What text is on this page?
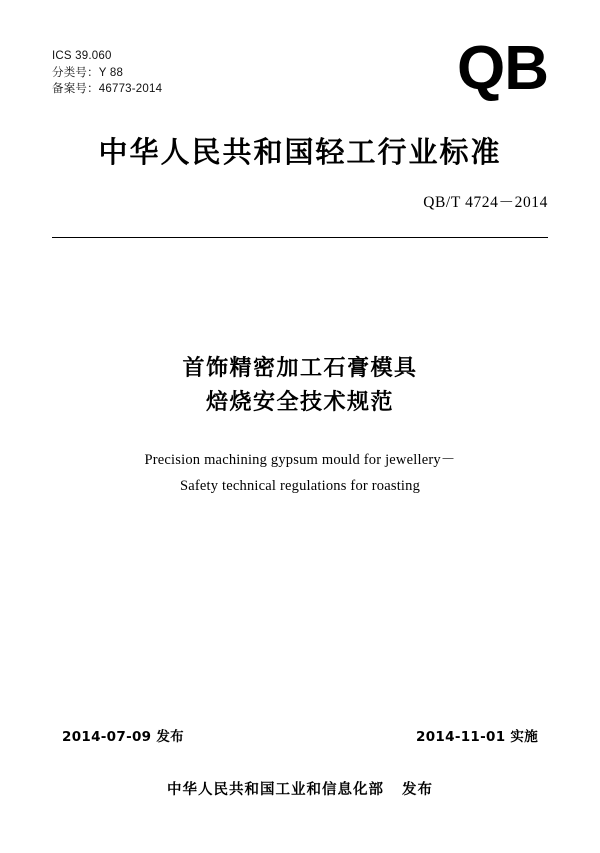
ICS 39.060
分类号：Y 88
备案号：46773-2014	QB
中华人民共和国轻工行业标准
QB/T 4724－2014
首饰精密加工石膏模具
焙烧安全技术规范
Precision machining gypsum mould for jewellery－
Safety technical regulations for roasting
2014-07-09 发布	2014-11-01 实施
中华人民共和国工业和信息化部 发布
